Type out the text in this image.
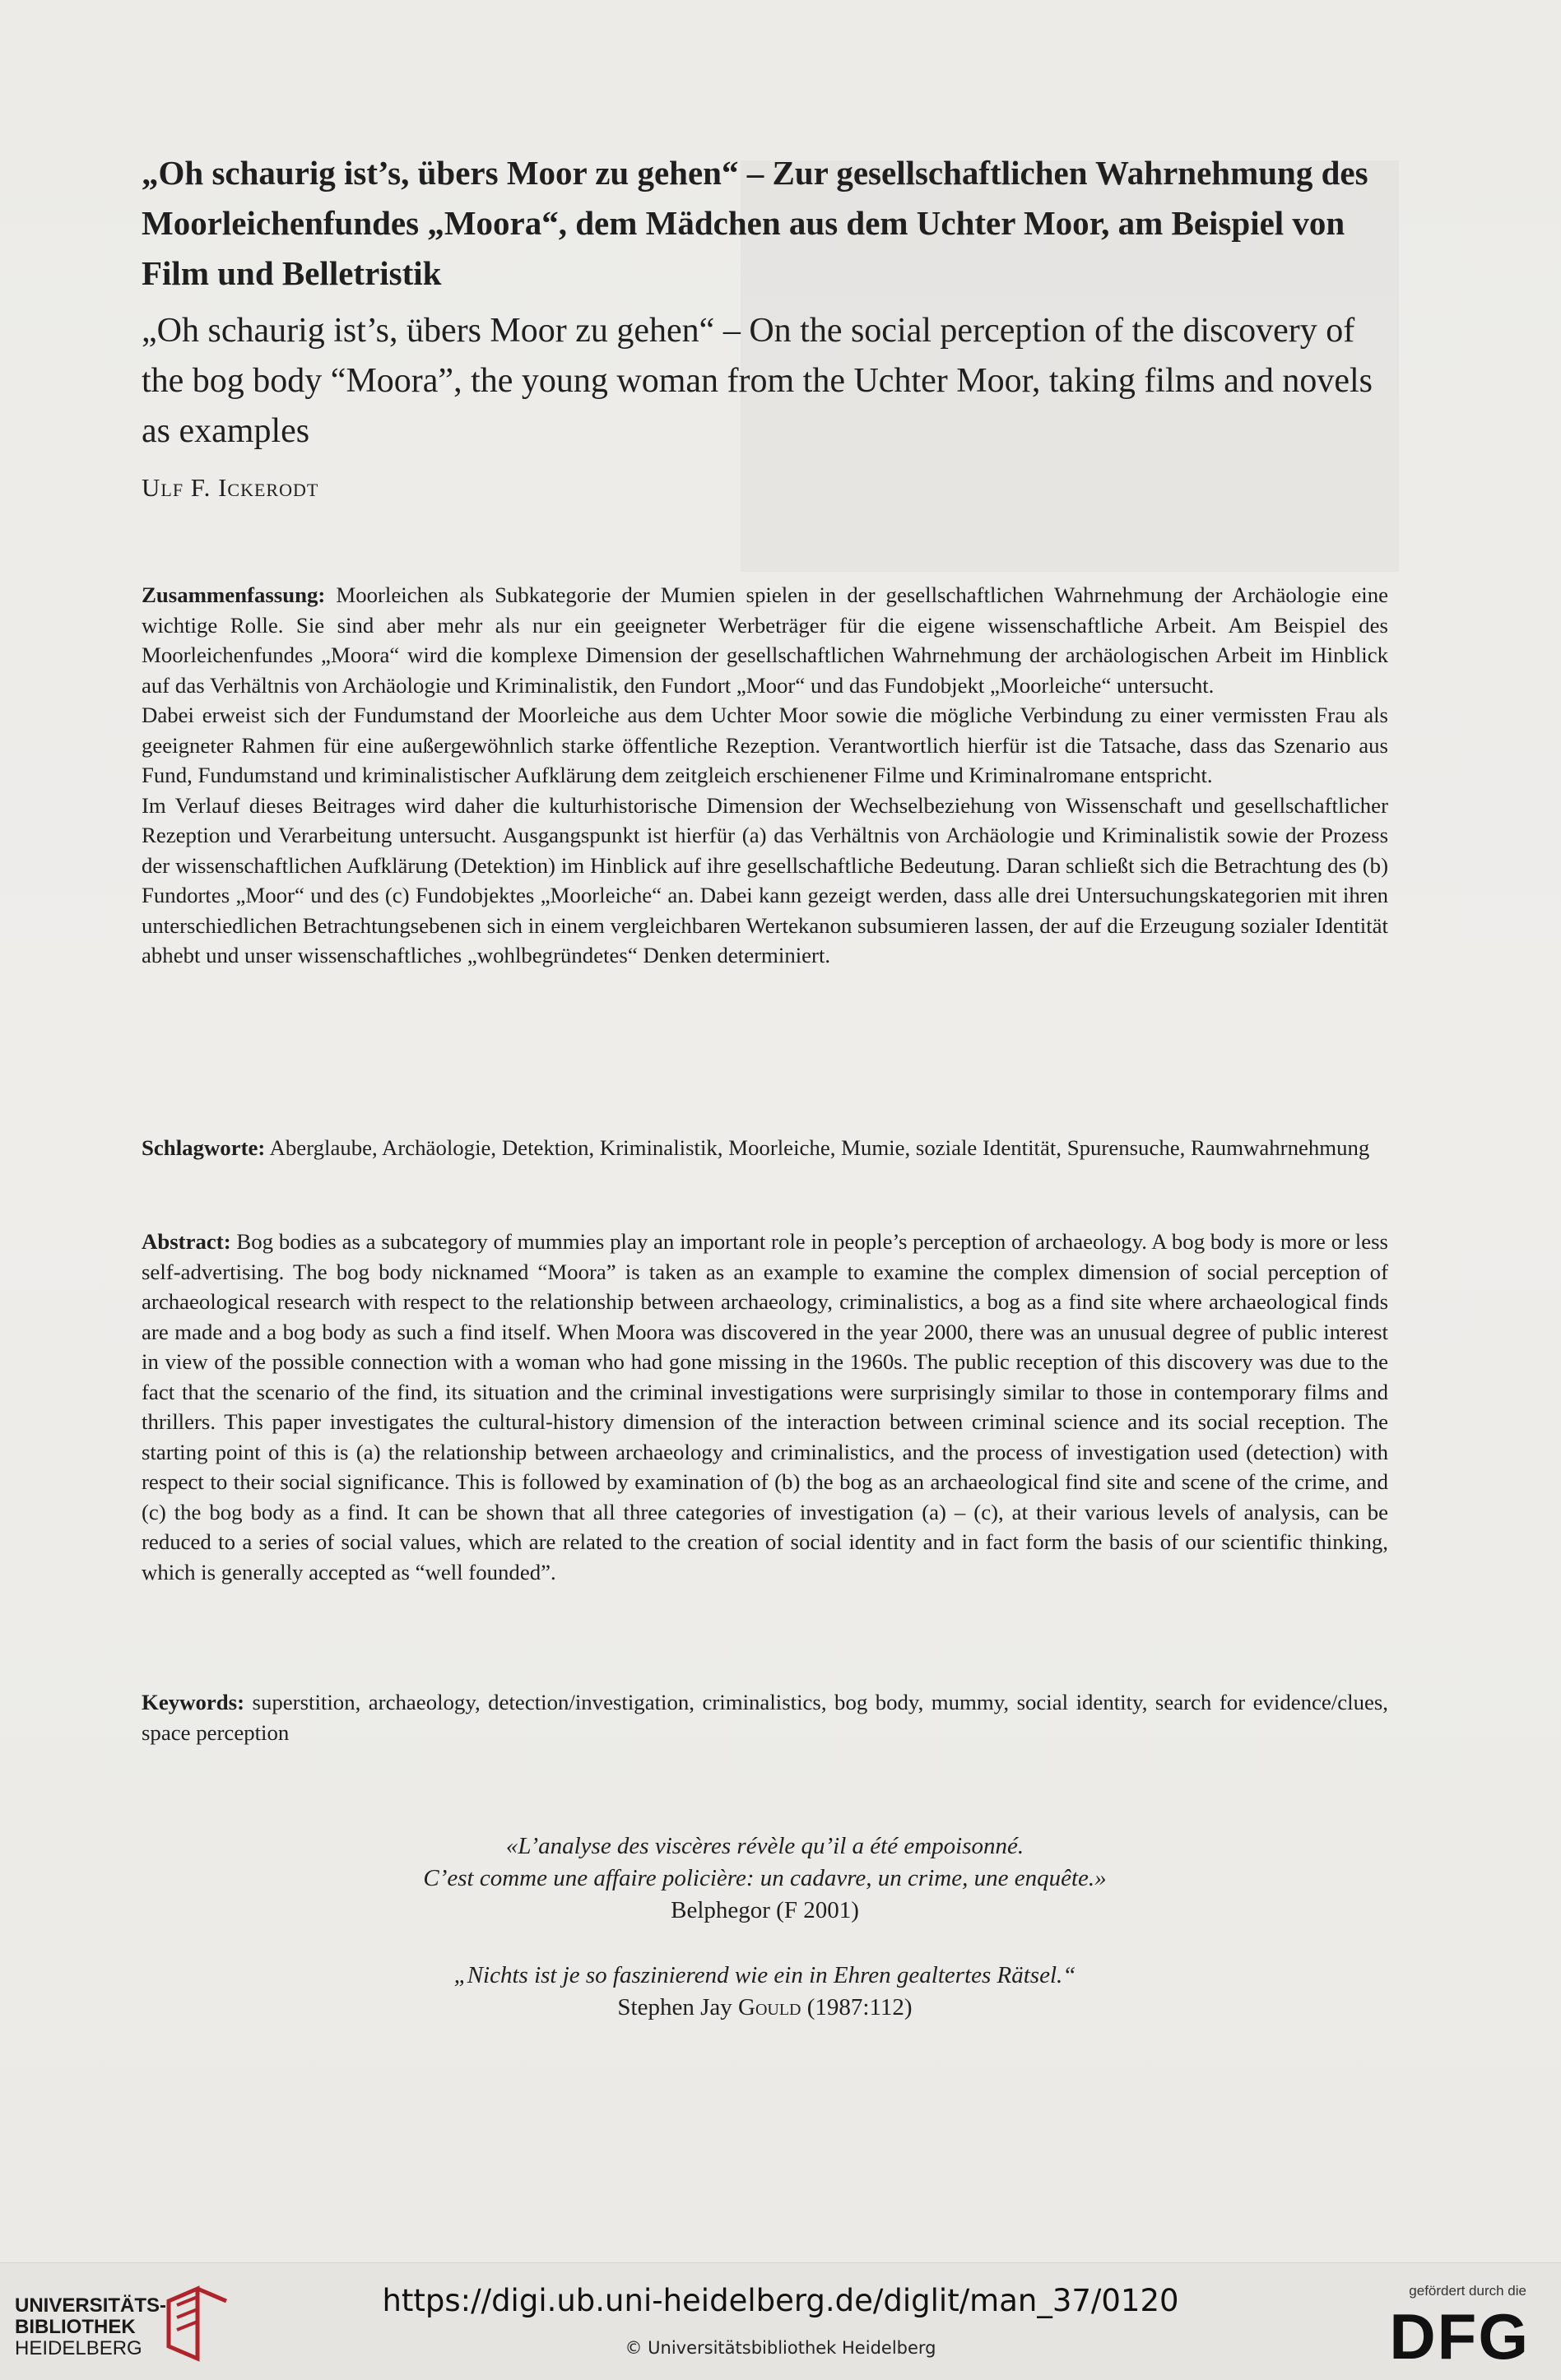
„Oh schaurig ist’s, übers Moor zu gehen“ – Zur gesellschaftlichen Wahrnehmung des Moorleichenfundes „Moora“, dem Mädchen aus dem Uchter Moor, am Beispiel von Film und Belletristik
„Oh schaurig ist’s, übers Moor zu gehen“ – On the social perception of the discovery of the bog body “Moora”, the young woman from the Uchter Moor, taking films and novels as examples
Ulf F. Ickerodt

Zusammenfassung: Moorleichen als Subkategorie der Mumien spielen in der gesellschaftlichen Wahrnehmung der Archäologie eine wichtige Rolle. Sie sind aber mehr als nur ein geeigneter Werbeträger für die eigene wissenschaftliche Arbeit. Am Beispiel des Moorleichenfundes „Moora“ wird die komplexe Dimension der gesellschaftlichen Wahrnehmung der archäologischen Arbeit im Hinblick auf das Verhältnis von Archäologie und Kriminalistik, den Fundort „Moor“ und das Fundobjekt „Moorleiche“ untersucht.

Dabei erweist sich der Fundumstand der Moorleiche aus dem Uchter Moor sowie die mögliche Verbindung zu einer vermissten Frau als geeigneter Rahmen für eine außergewöhnlich starke öffentliche Rezeption. Verantwortlich hierfür ist die Tatsache, dass das Szenario aus Fund, Fundumstand und kriminalistischer Aufklärung dem zeitgleich erschienener Filme und Kriminalromane entspricht.

Im Verlauf dieses Beitrages wird daher die kulturhistorische Dimension der Wechselbeziehung von Wissenschaft und gesellschaftlicher Rezeption und Verarbeitung untersucht. Ausgangspunkt ist hierfür (a) das Verhältnis von Archäologie und Kriminalistik sowie der Prozess der wissenschaftlichen Aufklärung (Detektion) im Hinblick auf ihre gesellschaftliche Bedeutung. Daran schließt sich die Betrachtung des (b) Fundortes „Moor“ und des (c) Fundobjektes „Moorleiche“ an. Dabei kann gezeigt werden, dass alle drei Untersuchungskategorien mit ihren unterschiedlichen Betrachtungsebenen sich in einem vergleichbaren Wertekanon subsumieren lassen, der auf die Erzeugung sozialer Identität abhebt und unser wissenschaftliches „wohlbegründetes“ Denken determiniert.

Schlagworte: Aberglaube, Archäologie, Detektion, Kriminalistik, Moorleiche, Mumie, soziale Identität, Spurensuche, Raumwahrnehmung

Abstract: Bog bodies as a subcategory of mummies play an important role in people’s perception of archaeology. A bog body is more or less self-advertising. The bog body nicknamed “Moora” is taken as an example to examine the complex dimension of social perception of archaeological research with respect to the relationship between archaeology, criminalistics, a bog as a find site where archaeological finds are made and a bog body as such a find itself. When Moora was discovered in the year 2000, there was an unusual degree of public interest in view of the possible connection with a woman who had gone missing in the 1960s. The public reception of this discovery was due to the fact that the scenario of the find, its situation and the criminal investigations were surprisingly similar to those in contemporary films and thrillers. This paper investigates the cultural-history dimension of the interaction between criminal science and its social reception. The starting point of this is (a) the relationship between archaeology and criminalistics, and the process of investigation used (detection) with respect to their social significance. This is followed by examination of (b) the bog as an archaeological find site and scene of the crime, and (c) the bog body as a find. It can be shown that all three categories of investigation (a) – (c), at their various levels of analysis, can be reduced to a series of social values, which are related to the creation of social identity and in fact form the basis of our scientific thinking, which is generally accepted as “well founded”.

Keywords: superstition, archaeology, detection/investigation, criminalistics, bog body, mummy, social identity, search for evidence/clues, space perception

«L’analyse des viscères révèle qu’il a été empoisonné.
C’est comme une affaire policière: un cadavre, un crime, une enquête.»
Belphegor (F 2001)
„Nichts ist je so faszinierend wie ein in Ehren gealtertes Rätsel.“
Stephen Jay Gould (1987:112)
UNIVERSITÄTS-
BIBLIOTHEK
HEIDELBERG
https://digi.ub.uni-heidelberg.de/diglit/man_37/0120
© Universitätsbibliothek Heidelberg
gefördert durch die
DFG
